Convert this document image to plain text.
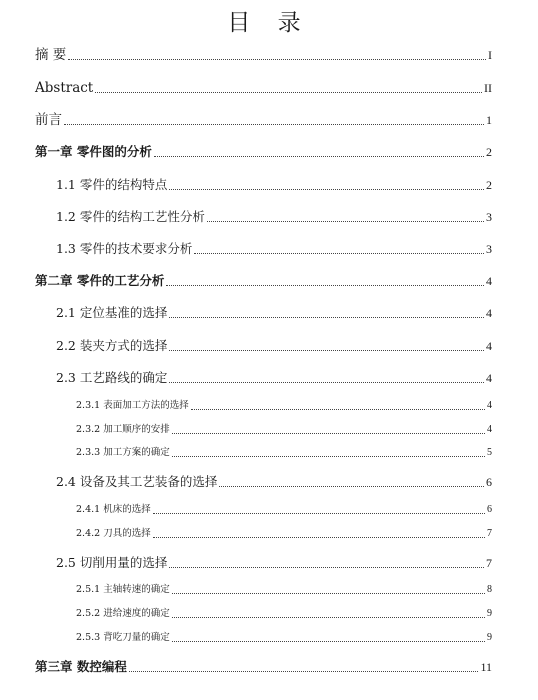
目 录
摘 要	I
Abstract	II
前言	1
第一章 零件图的分析	2
1.1 零件的结构特点	2
1.2 零件的结构工艺性分析	3
1.3 零件的技术要求分析	3
第二章 零件的工艺分析	4
2.1 定位基准的选择	4
2.2 装夹方式的选择	4
2.3 工艺路线的确定	4
2.3.1 表面加工方法的选择	4
2.3.2 加工顺序的安排	4
2.3.3 加工方案的确定	5
2.4 设备及其工艺装备的选择	6
2.4.1 机床的选择	6
2.4.2 刀具的选择	7
2.5 切削用量的选择	7
2.5.1 主轴转速的确定	8
2.5.2 进给速度的确定	9
2.5.3 背吃刀量的确定	9
第三章 数控编程	11
